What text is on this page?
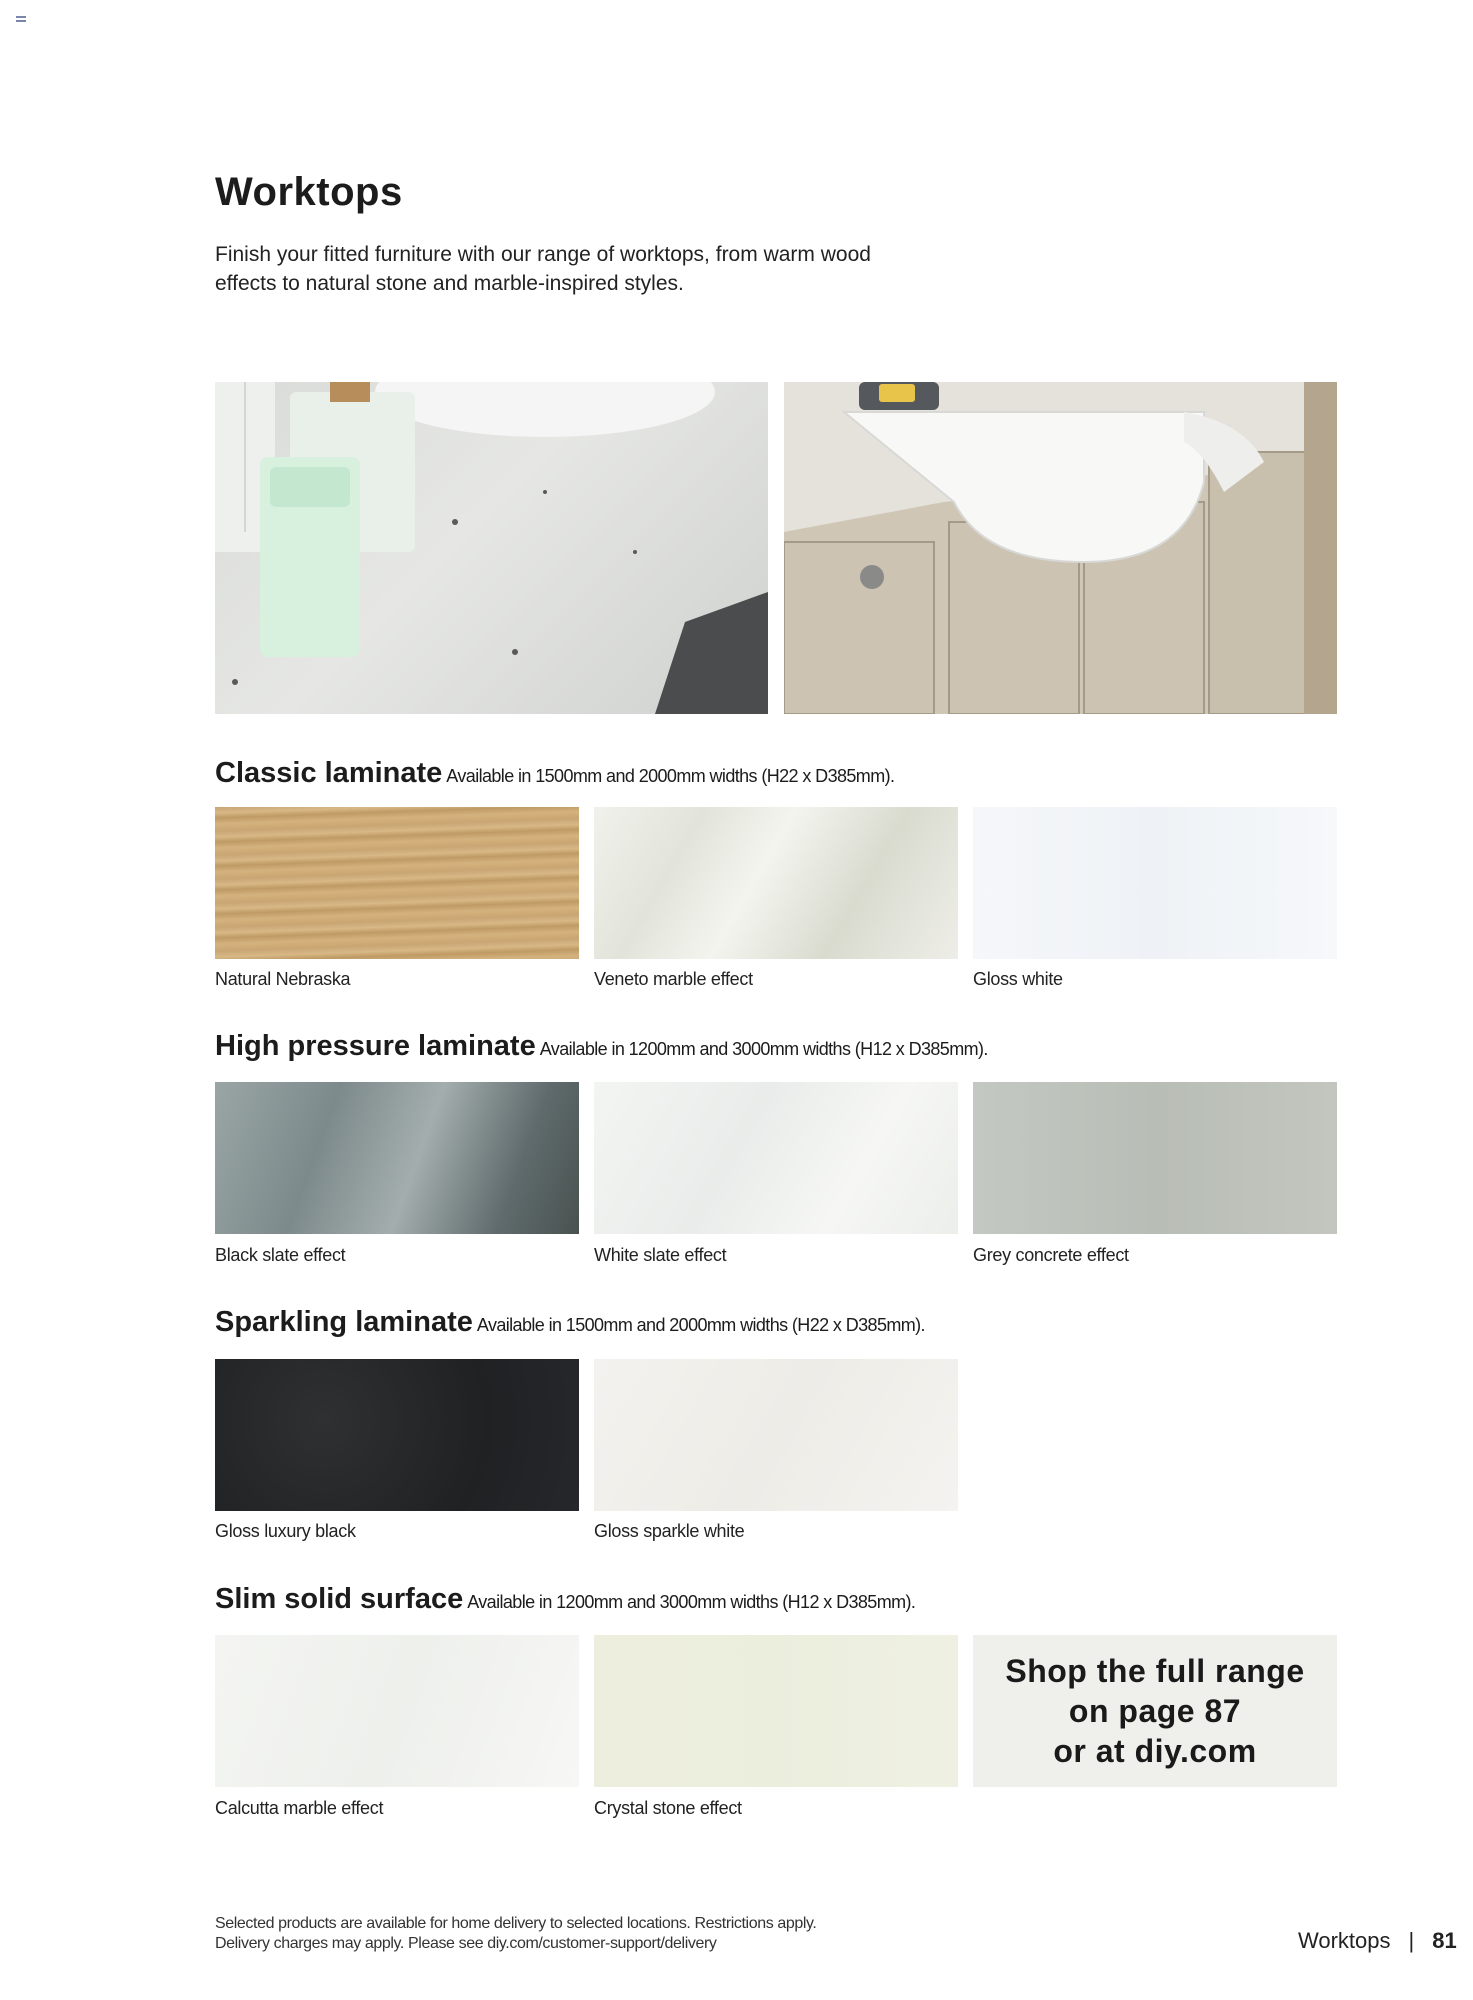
Worktops

Finish your fitted furniture with our range of worktops, from warm wood effects to natural stone and marble-inspired styles.

Classic laminate Available in 1500mm and 2000mm widths (H22 x D385mm).
Natural Nebraska	Veneto marble effect	Gloss white
High pressure laminate Available in 1200mm and 3000mm widths (H12 x D385mm).
Black slate effect	White slate effect	Grey concrete effect
Sparkling laminate Available in 1500mm and 2000mm widths (H22 x D385mm).
Gloss luxury black	Gloss sparkle white
Slim solid surface Available in 1200mm and 3000mm widths (H12 x D385mm).
Calcutta marble effect	Crystal stone effect
Shop the full range
on page 87
or at diy.com
Selected products are available for home delivery to selected locations. Restrictions apply.
Delivery charges may apply. Please see diy.com/customer-support/delivery	Worktops | 81
